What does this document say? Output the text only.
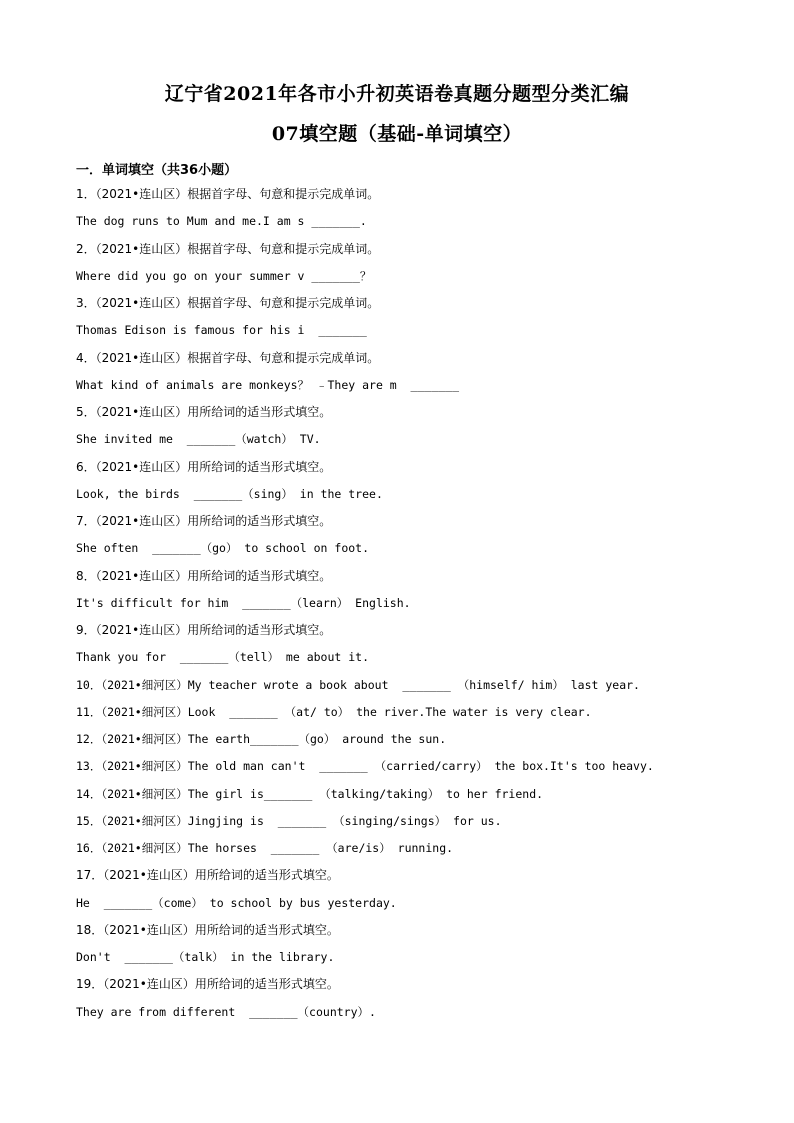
辽宁省2021年各市小升初英语卷真题分题型分类汇编
07填空题（基础-单词填空）
一．单词填空（共36小题）
1．（2021•连山区）根据首字母、句意和提示完成单词。
The dog runs to Mum and me.I am s _______.
2．（2021•连山区）根据首字母、句意和提示完成单词。
Where did you go on your summer v _______？
3．（2021•连山区）根据首字母、句意和提示完成单词。
Thomas Edison is famous for his i  _______
4．（2021•连山区）根据首字母、句意和提示完成单词。
What kind of animals are monkeys？ ﹣They are m  _______
5．（2021•连山区）用所给词的适当形式填空。
She invited me  _______（watch） TV.
6．（2021•连山区）用所给词的适当形式填空。
Look, the birds  _______（sing） in the tree.
7．（2021•连山区）用所给词的适当形式填空。
She often  _______（go） to school on foot.
8．（2021•连山区）用所给词的适当形式填空。
It's difficult for him  _______（learn） English.
9．（2021•连山区）用所给词的适当形式填空。
Thank you for  _______（tell） me about it.
10．（2021•细河区）My teacher wrote a book about  _______ （himself/ him） last year.
11．（2021•细河区）Look  _______ （at/ to） the river.The water is very clear.
12．（2021•细河区）The earth_______（go） around the sun.
13．（2021•细河区）The old man can't  _______ （carried/carry） the box.It's too heavy.
14．（2021•细河区）The girl is_______ （talking/taking） to her friend.
15．（2021•细河区）Jingjing is  _______ （singing/sings） for us.
16．（2021•细河区）The horses  _______ （are/is） running.
17．（2021•连山区）用所给词的适当形式填空。
He  _______（come） to school by bus yesterday.
18．（2021•连山区）用所给词的适当形式填空。
Don't  _______（talk） in the library.
19．（2021•连山区）用所给词的适当形式填空。
They are from different  _______（country）.
